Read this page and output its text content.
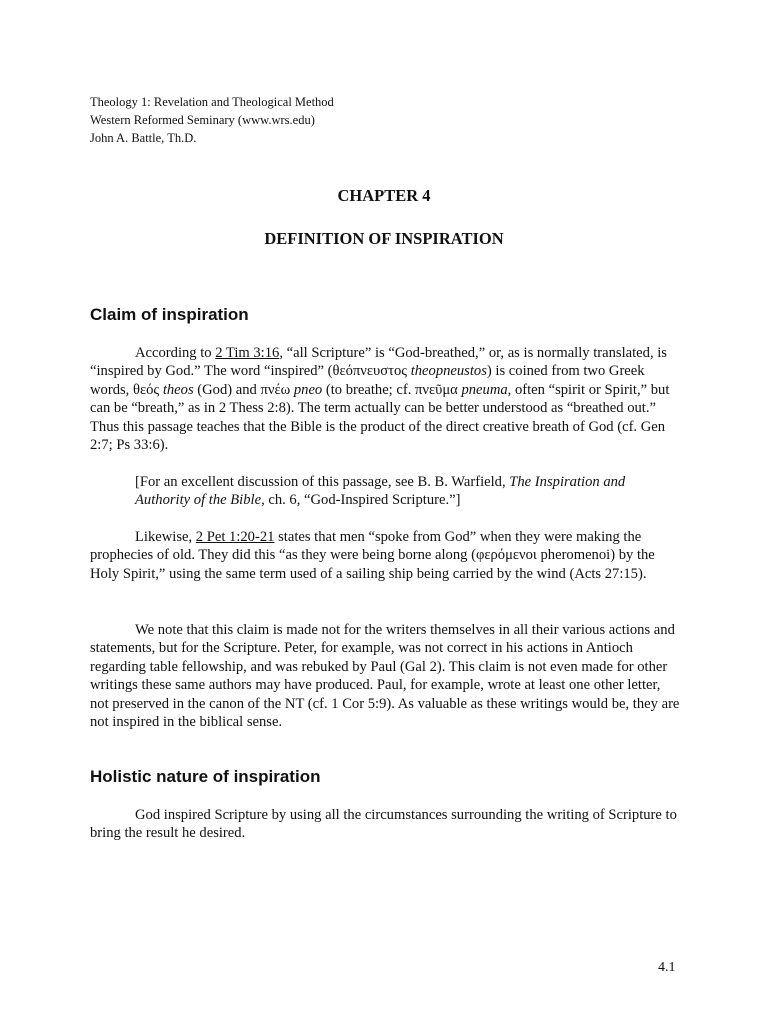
Theology 1: Revelation and Theological Method
Western Reformed Seminary (www.wrs.edu)
John A. Battle, Th.D.
CHAPTER 4
DEFINITION OF INSPIRATION
Claim of inspiration
According to 2 Tim 3:16, “all Scripture” is “God-breathed,” or, as is normally translated, is “inspired by God.” The word “inspired” (θεόπνευστος theopneustos) is coined from two Greek words, θεός theos (God) and πνέω pneo (to breathe; cf. πνεῦμα pneuma, often “spirit or Spirit,” but can be “breath,” as in 2 Thess 2:8). The term actually can be better understood as “breathed out.” Thus this passage teaches that the Bible is the product of the direct creative breath of God (cf. Gen 2:7; Ps 33:6).
[For an excellent discussion of this passage, see B. B. Warfield, The Inspiration and Authority of the Bible, ch. 6, “God-Inspired Scripture.”]
Likewise, 2 Pet 1:20-21 states that men “spoke from God” when they were making the prophecies of old. They did this “as they were being borne along (φερόμενοι pheromenoi) by the Holy Spirit,” using the same term used of a sailing ship being carried by the wind (Acts 27:15).
We note that this claim is made not for the writers themselves in all their various actions and statements, but for the Scripture. Peter, for example, was not correct in his actions in Antioch regarding table fellowship, and was rebuked by Paul (Gal 2). This claim is not even made for other writings these same authors may have produced. Paul, for example, wrote at least one other letter, not preserved in the canon of the NT (cf. 1 Cor 5:9). As valuable as these writings would be, they are not inspired in the biblical sense.
Holistic nature of inspiration
God inspired Scripture by using all the circumstances surrounding the writing of Scripture to bring the result he desired.
4.1
